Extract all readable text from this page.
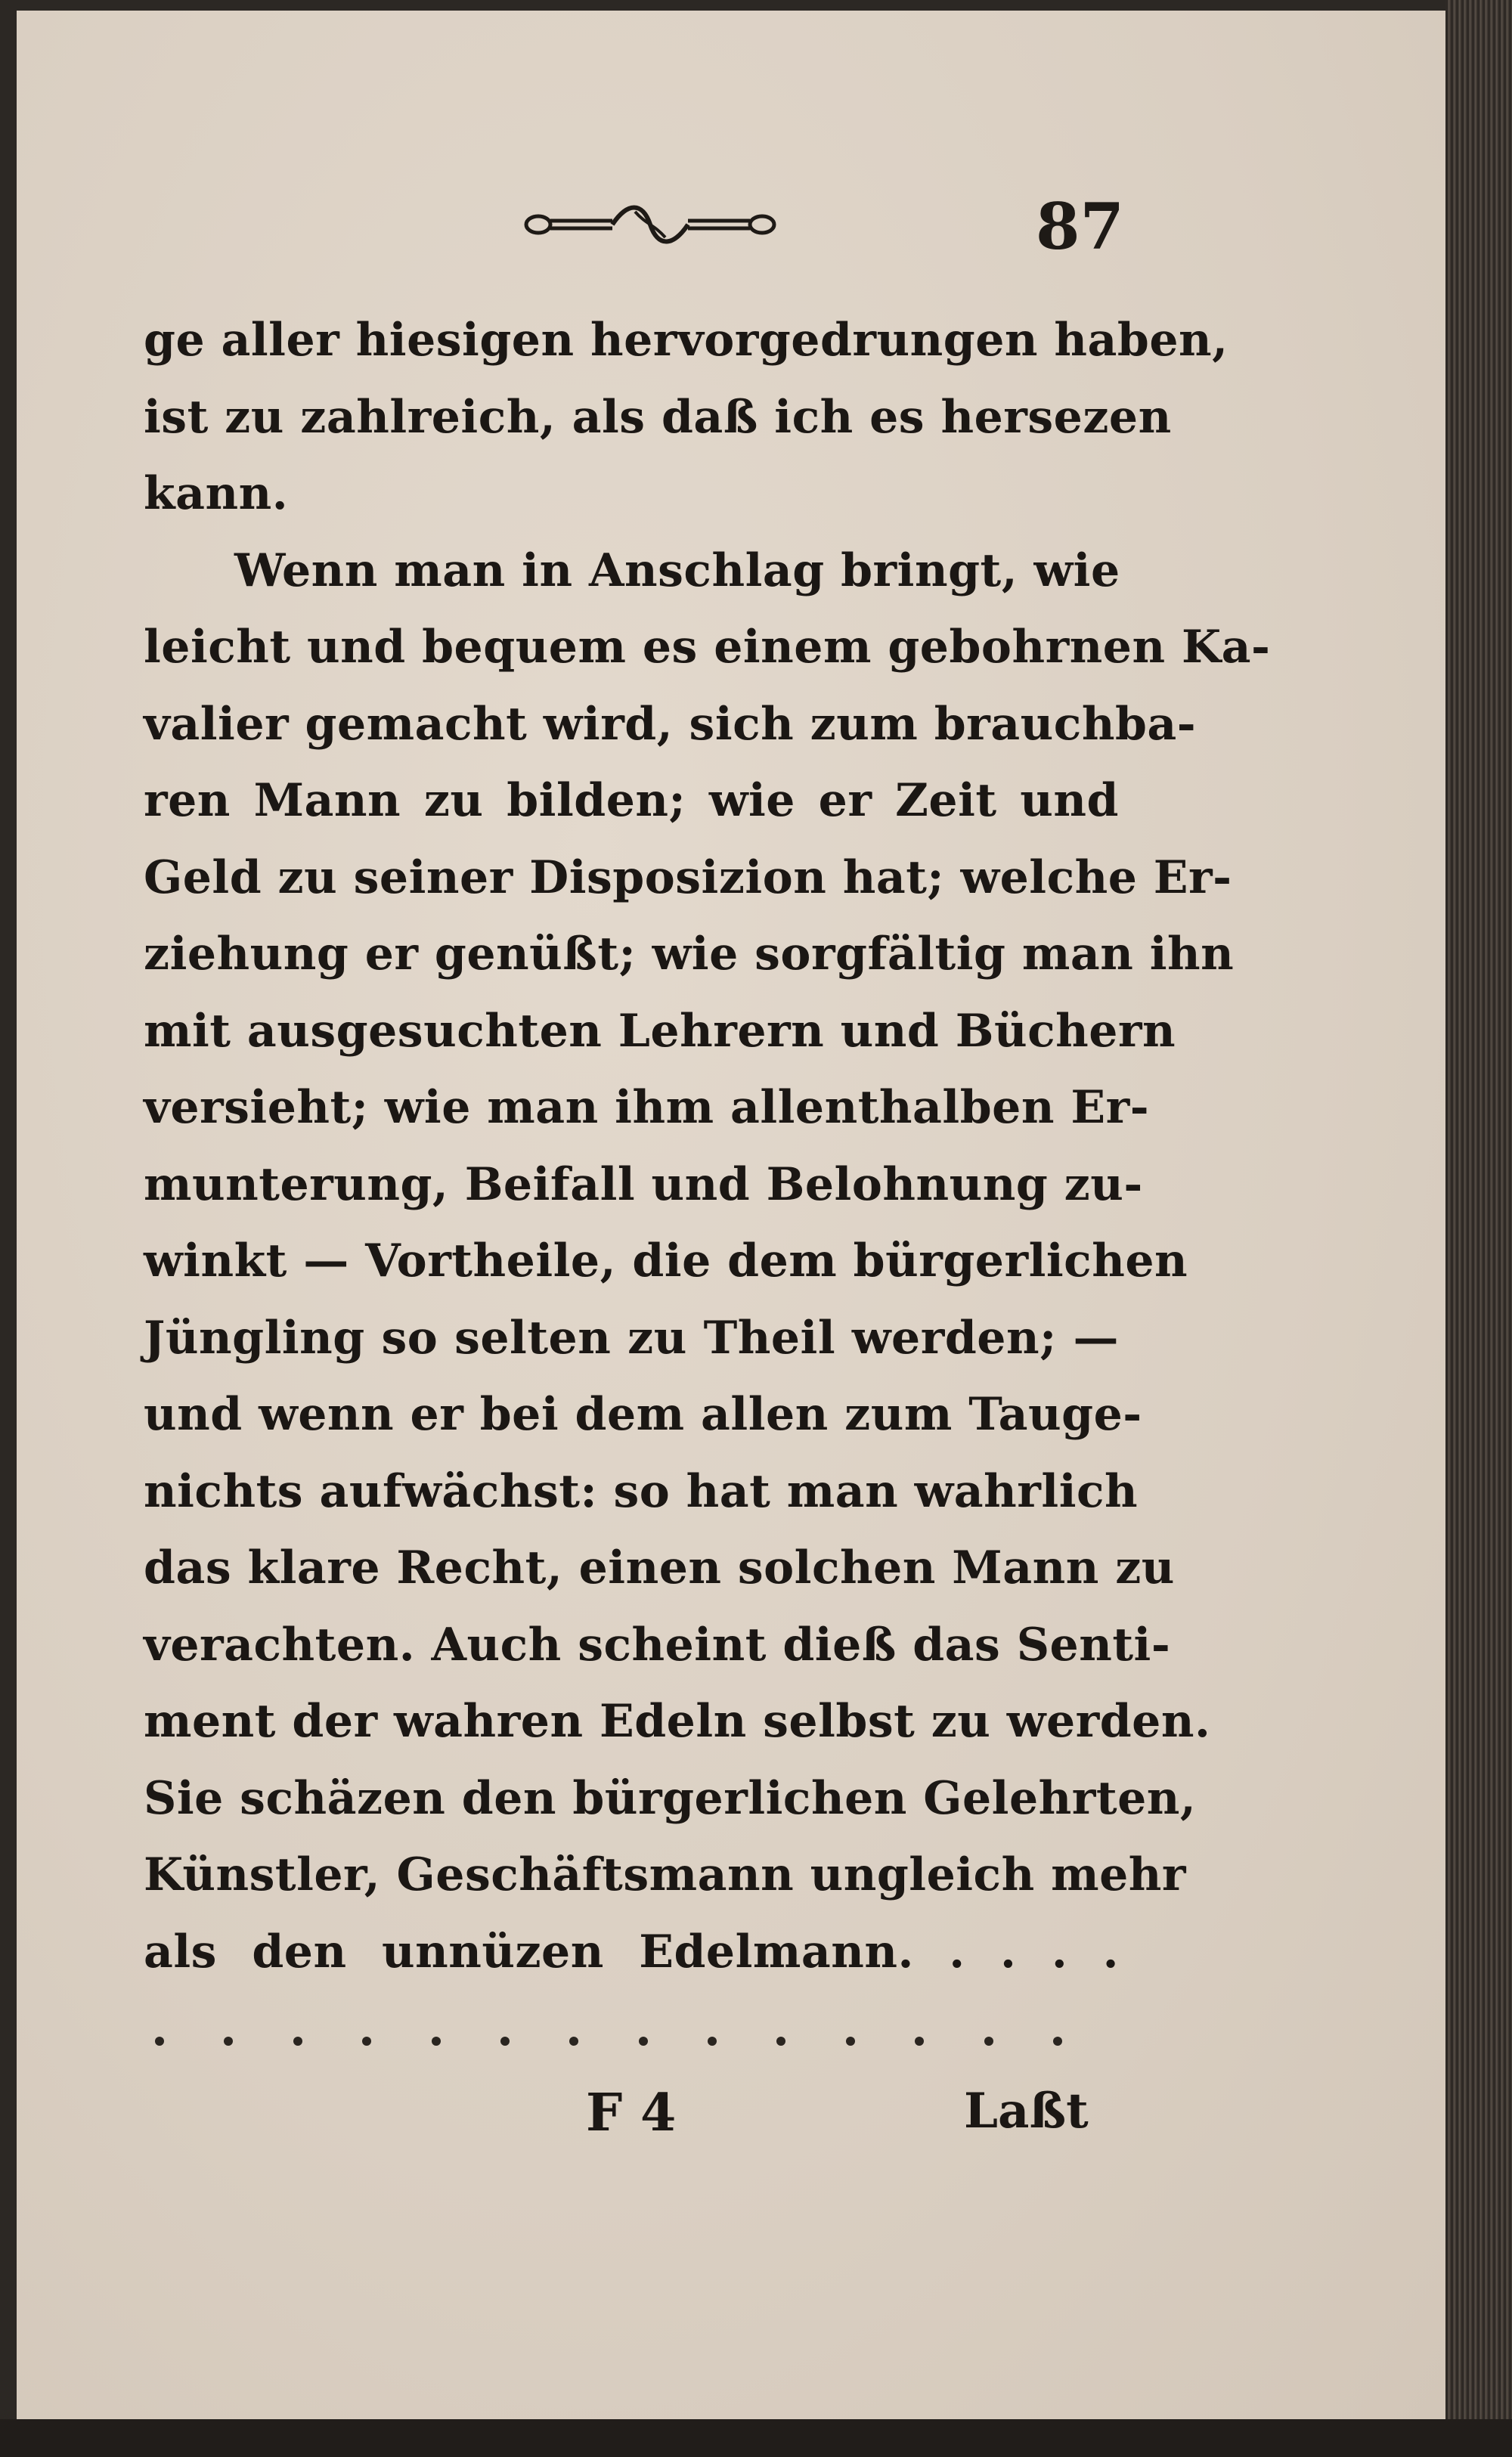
87
ge aller hiesigen hervorgedrungen haben,
ist zu zahlreich, als daß ich es hersezen
kann.
Wenn man in Anschlag bringt, wie
leicht und bequem es einem gebohrnen Ka-
valier gemacht wird, sich zum brauchba-
ren Mann zu bilden; wie er Zeit und
Geld zu seiner Disposizion hat; welche Er-
ziehung er genüßt; wie sorgfältig man ihn
mit ausgesuchten Lehrern und Büchern
versieht; wie man ihm allenthalben Er-
munterung, Beifall und Belohnung zu-
winkt — Vortheile, die dem bürgerlichen
Jüngling so selten zu Theil werden; —
und wenn er bei dem allen zum Tauge-
nichts aufwächst: so hat man wahrlich
das klare Recht, einen solchen Mann zu
verachten. Auch scheint dieß das Senti-
ment der wahren Edeln selbst zu werden.
Sie schäzen den bürgerlichen Gelehrten,
Künstler, Geschäftsmann ungleich mehr
als den unnüzen Edelmann. . . . .
F 4	Laßt
